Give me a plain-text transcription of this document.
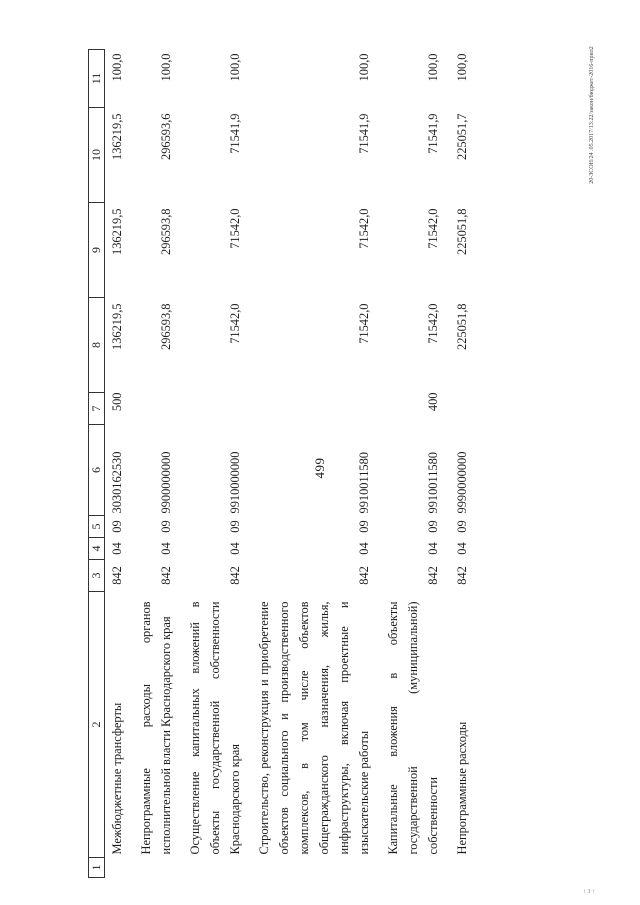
499
20-ЗСОН/24 .05.2017/13:22/закон/бюджет-2016-прил2
↑ 3 ↑
1	2	3	4	5	6	7	8	9	10	11
	Межбюджетные трансферты	842	04	09	3030162530	500	136219,5	136219,5	136219,5	100,0
	Непрограммные расходы органов исполнительной власти Краснодарского края	842	04	09	9900000000		296593,8	296593,8	296593,6	100,0
	Осуществление капитальных вложений в объекты государственной собственности Краснодарского края	842	04	09	9910000000		71542,0	71542,0	71541,9	100,0
	Строительство, реконструкция и приобретение объектов социального и производственного комплексов, в том числе объектов общегражданского назначения, жилья, инфраструктуры, включая проектные и изыскательские работы	842	04	09	9910011580		71542,0	71542,0	71541,9	100,0
	Капитальные вложения в объекты государственной (муниципальной) собственности	842	04	09	9910011580	400	71542,0	71542,0	71541,9	100,0
	Непрограммные расходы	842	04	09	9990000000		225051,8	225051,8	225051,7	100,0
